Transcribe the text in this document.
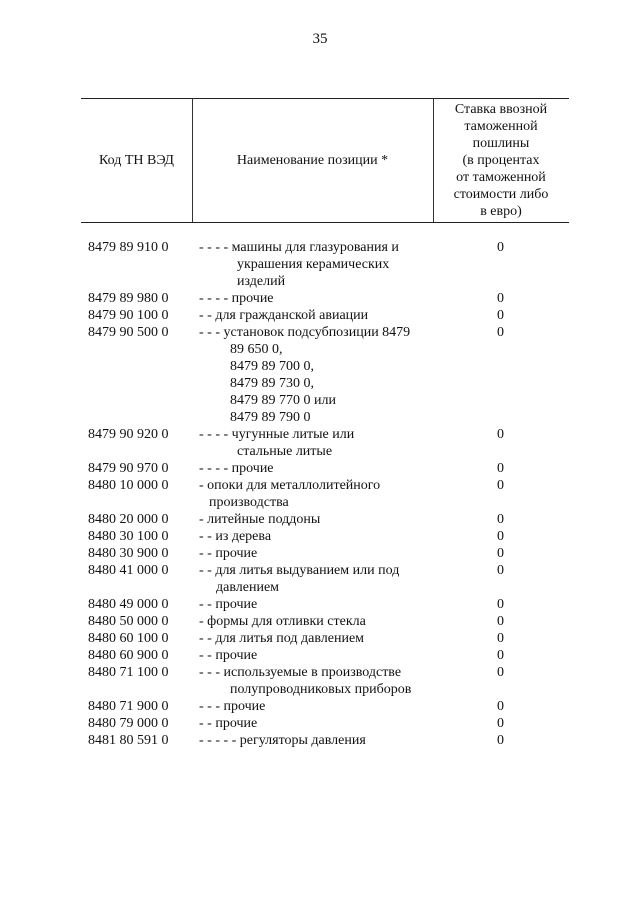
35
Код ТН ВЭД	Наименование позиции *
Ставка ввозной
таможенной
пошлины
(в процентах
от таможенной
стоимости либо
в евро)
8479 89 910 0 - - - - машины для глазурования и
украшения керамических
изделий
0
8479 89 980 0 - - - - прочие	0
8479 90 100 0 - - для гражданской авиации	0
8479 90 500 0 - - - установок подсубпозиции 8479
89 650 0,
8479 89 700 0,
8479 89 730 0,
8479 89 770 0 или
8479 89 790 0
0
8479 90 920 0 - - - - чугунные литые или
стальные литые
0
8479 90 970 0 - - - - прочие	0
8480 10 000 0 - опоки для металлолитейного
производства
0
8480 20 000 0 - литейные поддоны	0
8480 30 100 0 - - из дерева	0
8480 30 900 0 - - прочие	0
8480 41 000 0 - - для литья выдуванием или под
давлением
0
8480 49 000 0 - - прочие	0
8480 50 000 0 - формы для отливки стекла	0
8480 60 100 0 - - для литья под давлением	0
8480 60 900 0 - - прочие	0
8480 71 100 0 - - - используемые в производстве
полупроводниковых приборов
0
8480 71 900 0 - - - прочие	0
8480 79 000 0 - - прочие	0
8481 80 591 0 - - - - - регуляторы давления	0
